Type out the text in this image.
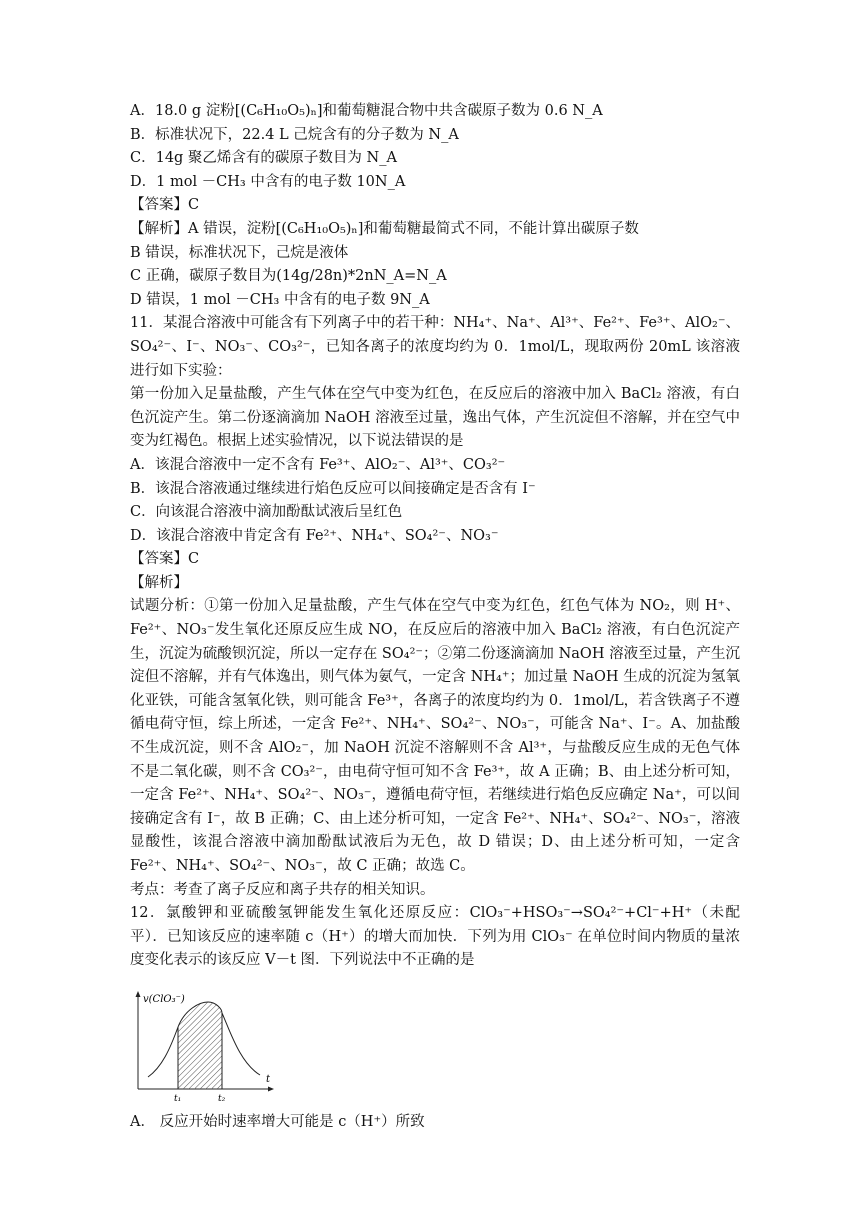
A．18.0 g 淀粉[(C₆H₁₀O₅)ₙ]和葡萄糖混合物中共含碳原子数为 0.6 N_A
B．标准状况下，22.4 L 己烷含有的分子数为 N_A
C．14g 聚乙烯含有的碳原子数目为 N_A
D．1 mol －CH₃ 中含有的电子数 10N_A
【答案】C
【解析】A 错误，淀粉[(C₆H₁₀O₅)ₙ]和葡萄糖最简式不同，不能计算出碳原子数
B 错误，标准状况下，己烷是液体
C 正确，碳原子数目为(14g/28n)*2nN_A=N_A
D 错误，1 mol －CH₃ 中含有的电子数 9N_A
11．某混合溶液中可能含有下列离子中的若干种：NH₄⁺、Na⁺、Al³⁺、Fe²⁺、Fe³⁺、AlO₂⁻、SO₄²⁻、I⁻、NO₃⁻、CO₃²⁻，已知各离子的浓度均约为 0．1mol/L，现取两份 20mL 该溶液进行如下实验：
第一份加入足量盐酸，产生气体在空气中变为红色，在反应后的溶液中加入 BaCl₂ 溶液，有白色沉淀产生。第二份逐滴滴加 NaOH 溶液至过量，逸出气体，产生沉淀但不溶解，并在空气中变为红褐色。根据上述实验情况，以下说法错误的是
A．该混合溶液中一定不含有 Fe³⁺、AlO₂⁻、Al³⁺、CO₃²⁻
B．该混合溶液通过继续进行焰色反应可以间接确定是否含有 I⁻
C．向该混合溶液中滴加酚酞试液后呈红色
D．该混合溶液中肯定含有 Fe²⁺、NH₄⁺、SO₄²⁻、NO₃⁻
【答案】C
【解析】
试题分析：①第一份加入足量盐酸，产生气体在空气中变为红色，红色气体为 NO₂，则 H⁺、Fe²⁺、NO₃⁻发生氧化还原反应生成 NO，在反应后的溶液中加入 BaCl₂ 溶液，有白色沉淀产生，沉淀为硫酸钡沉淀，所以一定存在 SO₄²⁻；②第二份逐滴滴加 NaOH 溶液至过量，产生沉淀但不溶解，并有气体逸出，则气体为氨气，一定含 NH₄⁺；加过量 NaOH 生成的沉淀为氢氧化亚铁，可能含氢氧化铁，则可能含 Fe³⁺，各离子的浓度均约为 0．1mol/L，若含铁离子不遵循电荷守恒，综上所述，一定含 Fe²⁺、NH₄⁺、SO₄²⁻、NO₃⁻，可能含 Na⁺、I⁻。A、加盐酸不生成沉淀，则不含 AlO₂⁻，加 NaOH 沉淀不溶解则不含 Al³⁺，与盐酸反应生成的无色气体不是二氧化碳，则不含 CO₃²⁻，由电荷守恒可知不含 Fe³⁺，故 A 正确；B、由上述分析可知，一定含 Fe²⁺、NH₄⁺、SO₄²⁻、NO₃⁻，遵循电荷守恒，若继续进行焰色反应确定 Na⁺，可以间接确定含有 I⁻，故 B 正确；C、由上述分析可知，一定含 Fe²⁺、NH₄⁺、SO₄²⁻、NO₃⁻，溶液显酸性，该混合溶液中滴加酚酞试液后为无色，故 D 错误；D、由上述分析可知，一定含 Fe²⁺、NH₄⁺、SO₄²⁻、NO₃⁻，故 C 正确；故选 C。
考点：考查了离子反应和离子共存的相关知识。
12．氯酸钾和亚硫酸氢钾能发生氧化还原反应：ClO₃⁻+HSO₃⁻→SO₄²⁻+Cl⁻+H⁺（未配平）．已知该反应的速率随 c（H⁺）的增大而加快．下列为用 ClO₃⁻ 在单位时间内物质的量浓度变化表示的该反应 V－t 图．下列说法中不正确的是
v(ClO₃⁻)
t
t₁	t₂
A． 反应开始时速率增大可能是 c（H⁺）所致
